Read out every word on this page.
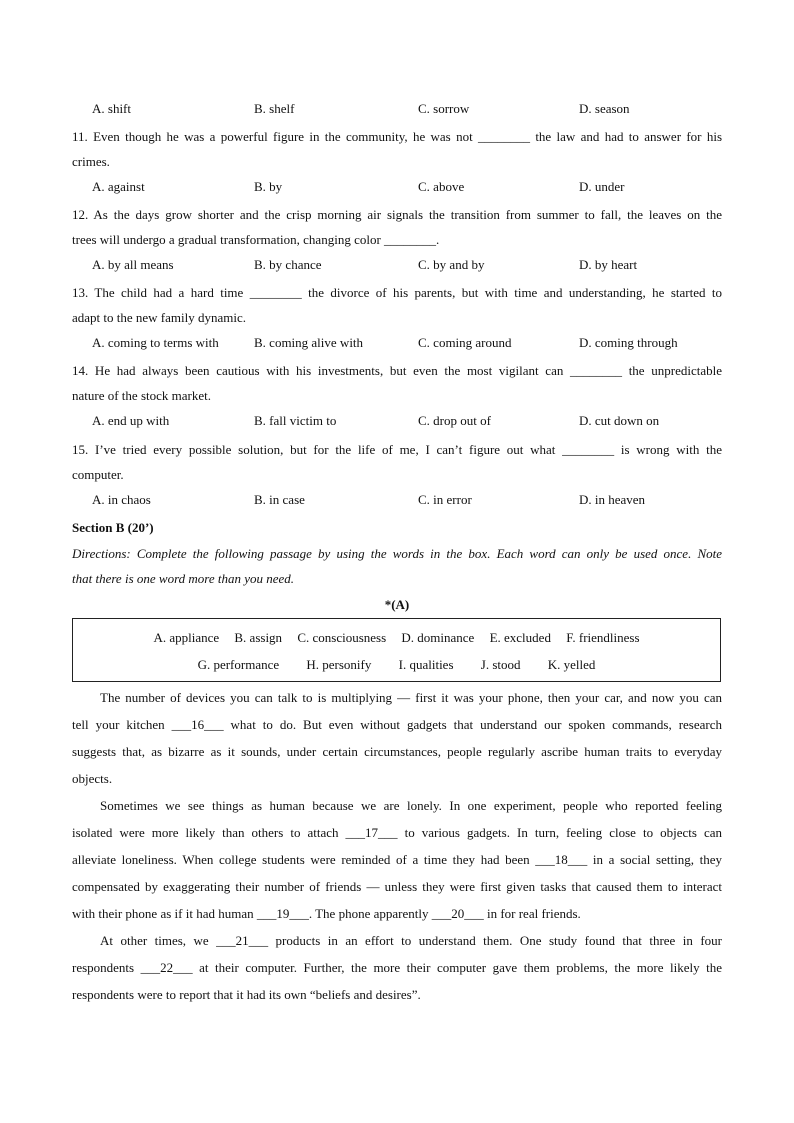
A. shift	B. shelf	C. sorrow	D. season
11. Even though he was a powerful figure in the community, he was not ________ the law and had to answer for his
crimes.
A. against	B. by	C. above	D. under
12. As the days grow shorter and the crisp morning air signals the transition from summer to fall, the leaves on the
trees will undergo a gradual transformation, changing color ________.
A. by all means	B. by chance	C. by and by	D. by heart
13. The child had a hard time ________ the divorce of his parents, but with time and understanding, he started to
adapt to the new family dynamic.
A. coming to terms with	B. coming alive with	C. coming around	D. coming through
14. He had always been cautious with his investments, but even the most vigilant can ________ the unpredictable
nature of the stock market.
A. end up with	B. fall victim to	C. drop out of	D. cut down on
15. I’ve tried every possible solution, but for the life of me, I can’t figure out what ________ is wrong with the
computer.
A. in chaos	B. in case	C. in error	D. in heaven
Section B (20’)
Directions: Complete the following passage by using the words in the box. Each word can only be used once. Note
that there is one word more than you need.
*(A)
A. appliance B. assign C. consciousness D. dominance E. excluded F. friendliness
G. performance H. personify I. qualities J. stood K. yelled
The number of devices you can talk to is multiplying — first it was your phone, then your car, and now you can
tell your kitchen ___16___ what to do. But even without gadgets that understand our spoken commands, research
suggests that, as bizarre as it sounds, under certain circumstances, people regularly ascribe human traits to everyday
objects.
Sometimes we see things as human because we are lonely. In one experiment, people who reported feeling
isolated were more likely than others to attach ___17___ to various gadgets. In turn, feeling close to objects can
alleviate loneliness. When college students were reminded of a time they had been ___18___ in a social setting, they
compensated by exaggerating their number of friends — unless they were first given tasks that caused them to interact
with their phone as if it had human ___19___. The phone apparently ___20___ in for real friends.
At other times, we ___21___ products in an effort to understand them. One study found that three in four
respondents ___22___ at their computer. Further, the more their computer gave them problems, the more likely the
respondents were to report that it had its own “beliefs and desires”.
